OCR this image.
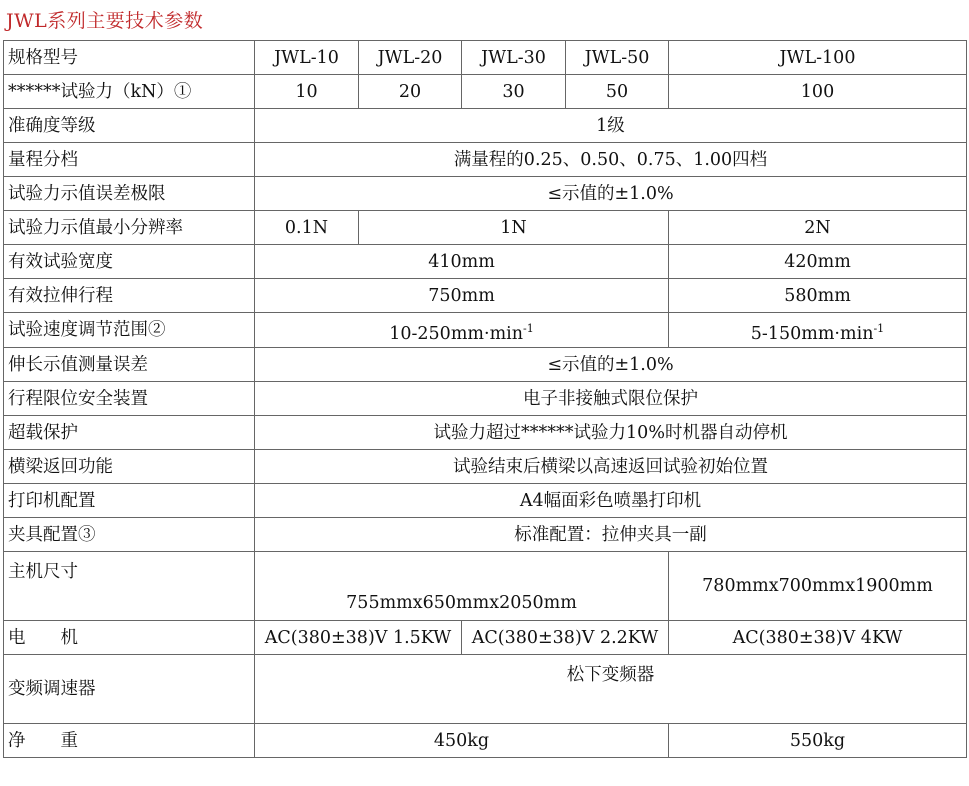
JWL系列主要技术参数
规格型号	JWL-10	JWL-20	JWL-30	JWL-50	JWL-100
******试验力（kN）①	10	20	30	50	100
准确度等级	1级				
量程分档	满量程的0.25、0.50、0.75、1.00四档				
试验力示值误差极限	≤示值的±1.0%				
试验力示值最小分辨率	0.1N	1N			2N
有效试验宽度	410mm				420mm
有效拉伸行程	750mm				580mm
试验速度调节范围②	$10-250mm\cdot\min^{-1}$				$5-150mm\cdot\min^{-1}$
伸长示值测量误差	≤示值的±1.0%				
行程限位安全装置	电子非接触式限位保护				
超载保护	试验力超过******试验力10%时机器自动停机				
横梁返回功能	试验结束后横梁以高速返回试验初始位置				
打印机配置	A4幅面彩色喷墨打印机				
夹具配置③	标准配置：拉伸夹具一副				
主机尺寸	755mmx650mmx2050mm				780mmx700mmx1900mm
电　　机	AC(380±38)V 1.5KW		AC(380±38)V 2.2KW		AC(380±38)V 4KW
变频调速器	松下变频器				
净　　重	450kg				550kg
